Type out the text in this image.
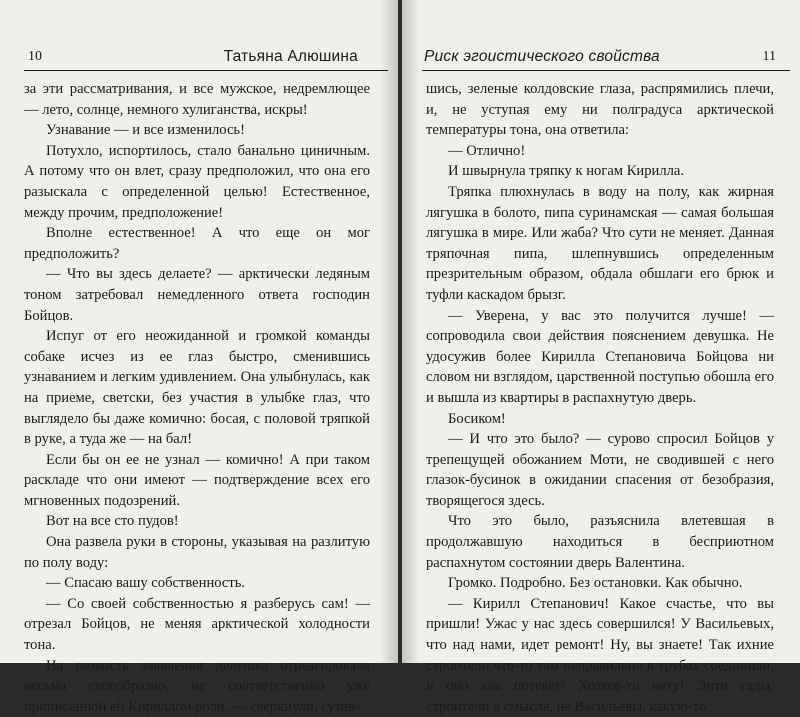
10	Татьяна Алюшина

за эти рассматривания, и все мужское, недремлющее — лето, солнце, немного хулиганства, искры!

Узнавание — и все изменилось!

Потухло, испортилось, стало банально циничным. А потому что он влет, сразу предположил, что она его разыскала с определенной целью! Естественное, между прочим, предположение!

Вполне естественное! А что еще он мог предположить?

— Что вы здесь делаете? — арктически ледяным тоном затребовал немедленного ответа господин Бойцов.

Испуг от его неожиданной и громкой команды собаке исчез из ее глаз быстро, сменившись узнаванием и легким удивлением. Она улыбнулась, как на приеме, светски, без участия в улыбке глаз, что выглядело бы даже комично: босая, с половой тряпкой в руке, а туда же — на бал!

Если бы он ее не узнал — комично! А при таком раскладе что они имеют — подтверждение всех его мгновенных подозрений.

Вот на все сто пудов!

Она развела руки в стороны, указывая на разлитую по полу воду:

— Спасаю вашу собственность.

— Со своей собственностью я разберусь сам! — отрезал Бойцов, не меняя арктической холодности тона.

На резкость заявления девушка отреагировала весьма своеобразно, не соответственно уже приписанной ей Кириллом роли, — сверкнули, сузив-

Риск эгоистического свойства	11

шись, зеленые колдовские глаза, распрямились плечи, и, не уступая ему ни полградуса арктической температуры тона, она ответила:

— Отлично!

И швырнула тряпку к ногам Кирилла.

Тряпка плюхнулась в воду на полу, как жирная лягушка в болото, пипа суринамская — самая большая лягушка в мире. Или жаба? Что сути не меняет. Данная тряпочная пипа, шлепнувшись определенным презрительным образом, обдала обшлаги его брюк и туфли каскадом брызг.

— Уверена, у вас это получится лучше! — сопроводила свои действия пояснением девушка. Не удосужив более Кирилла Степановича Бойцова ни словом ни взглядом, царственной поступью обошла его и вышла из квартиры в распахнутую дверь.

Босиком!

— И что это было? — сурово спросил Бойцов у трепещущей обожанием Моти, не сводившей с него глазок-бусинок в ожидании спасения от безобразия, творящегося здесь.

Что это было, разъяснила влетевшая в продолжавшую находиться в бесприютном распахнутом состоянии дверь Валентина.

Громко. Подробно. Без остановки. Как обычно.

— Кирилл Степанович! Какое счастье, что вы пришли! Ужас у нас здесь совершился! У Васильевых, что над нами, идет ремонт! Ну, вы знаете! Так ихние строители что-то там неправильно в трубах соединили, и оно как потекет! Хозяев-то нету! Энти гады, строители в смысле, не Васильевы, какую-то
